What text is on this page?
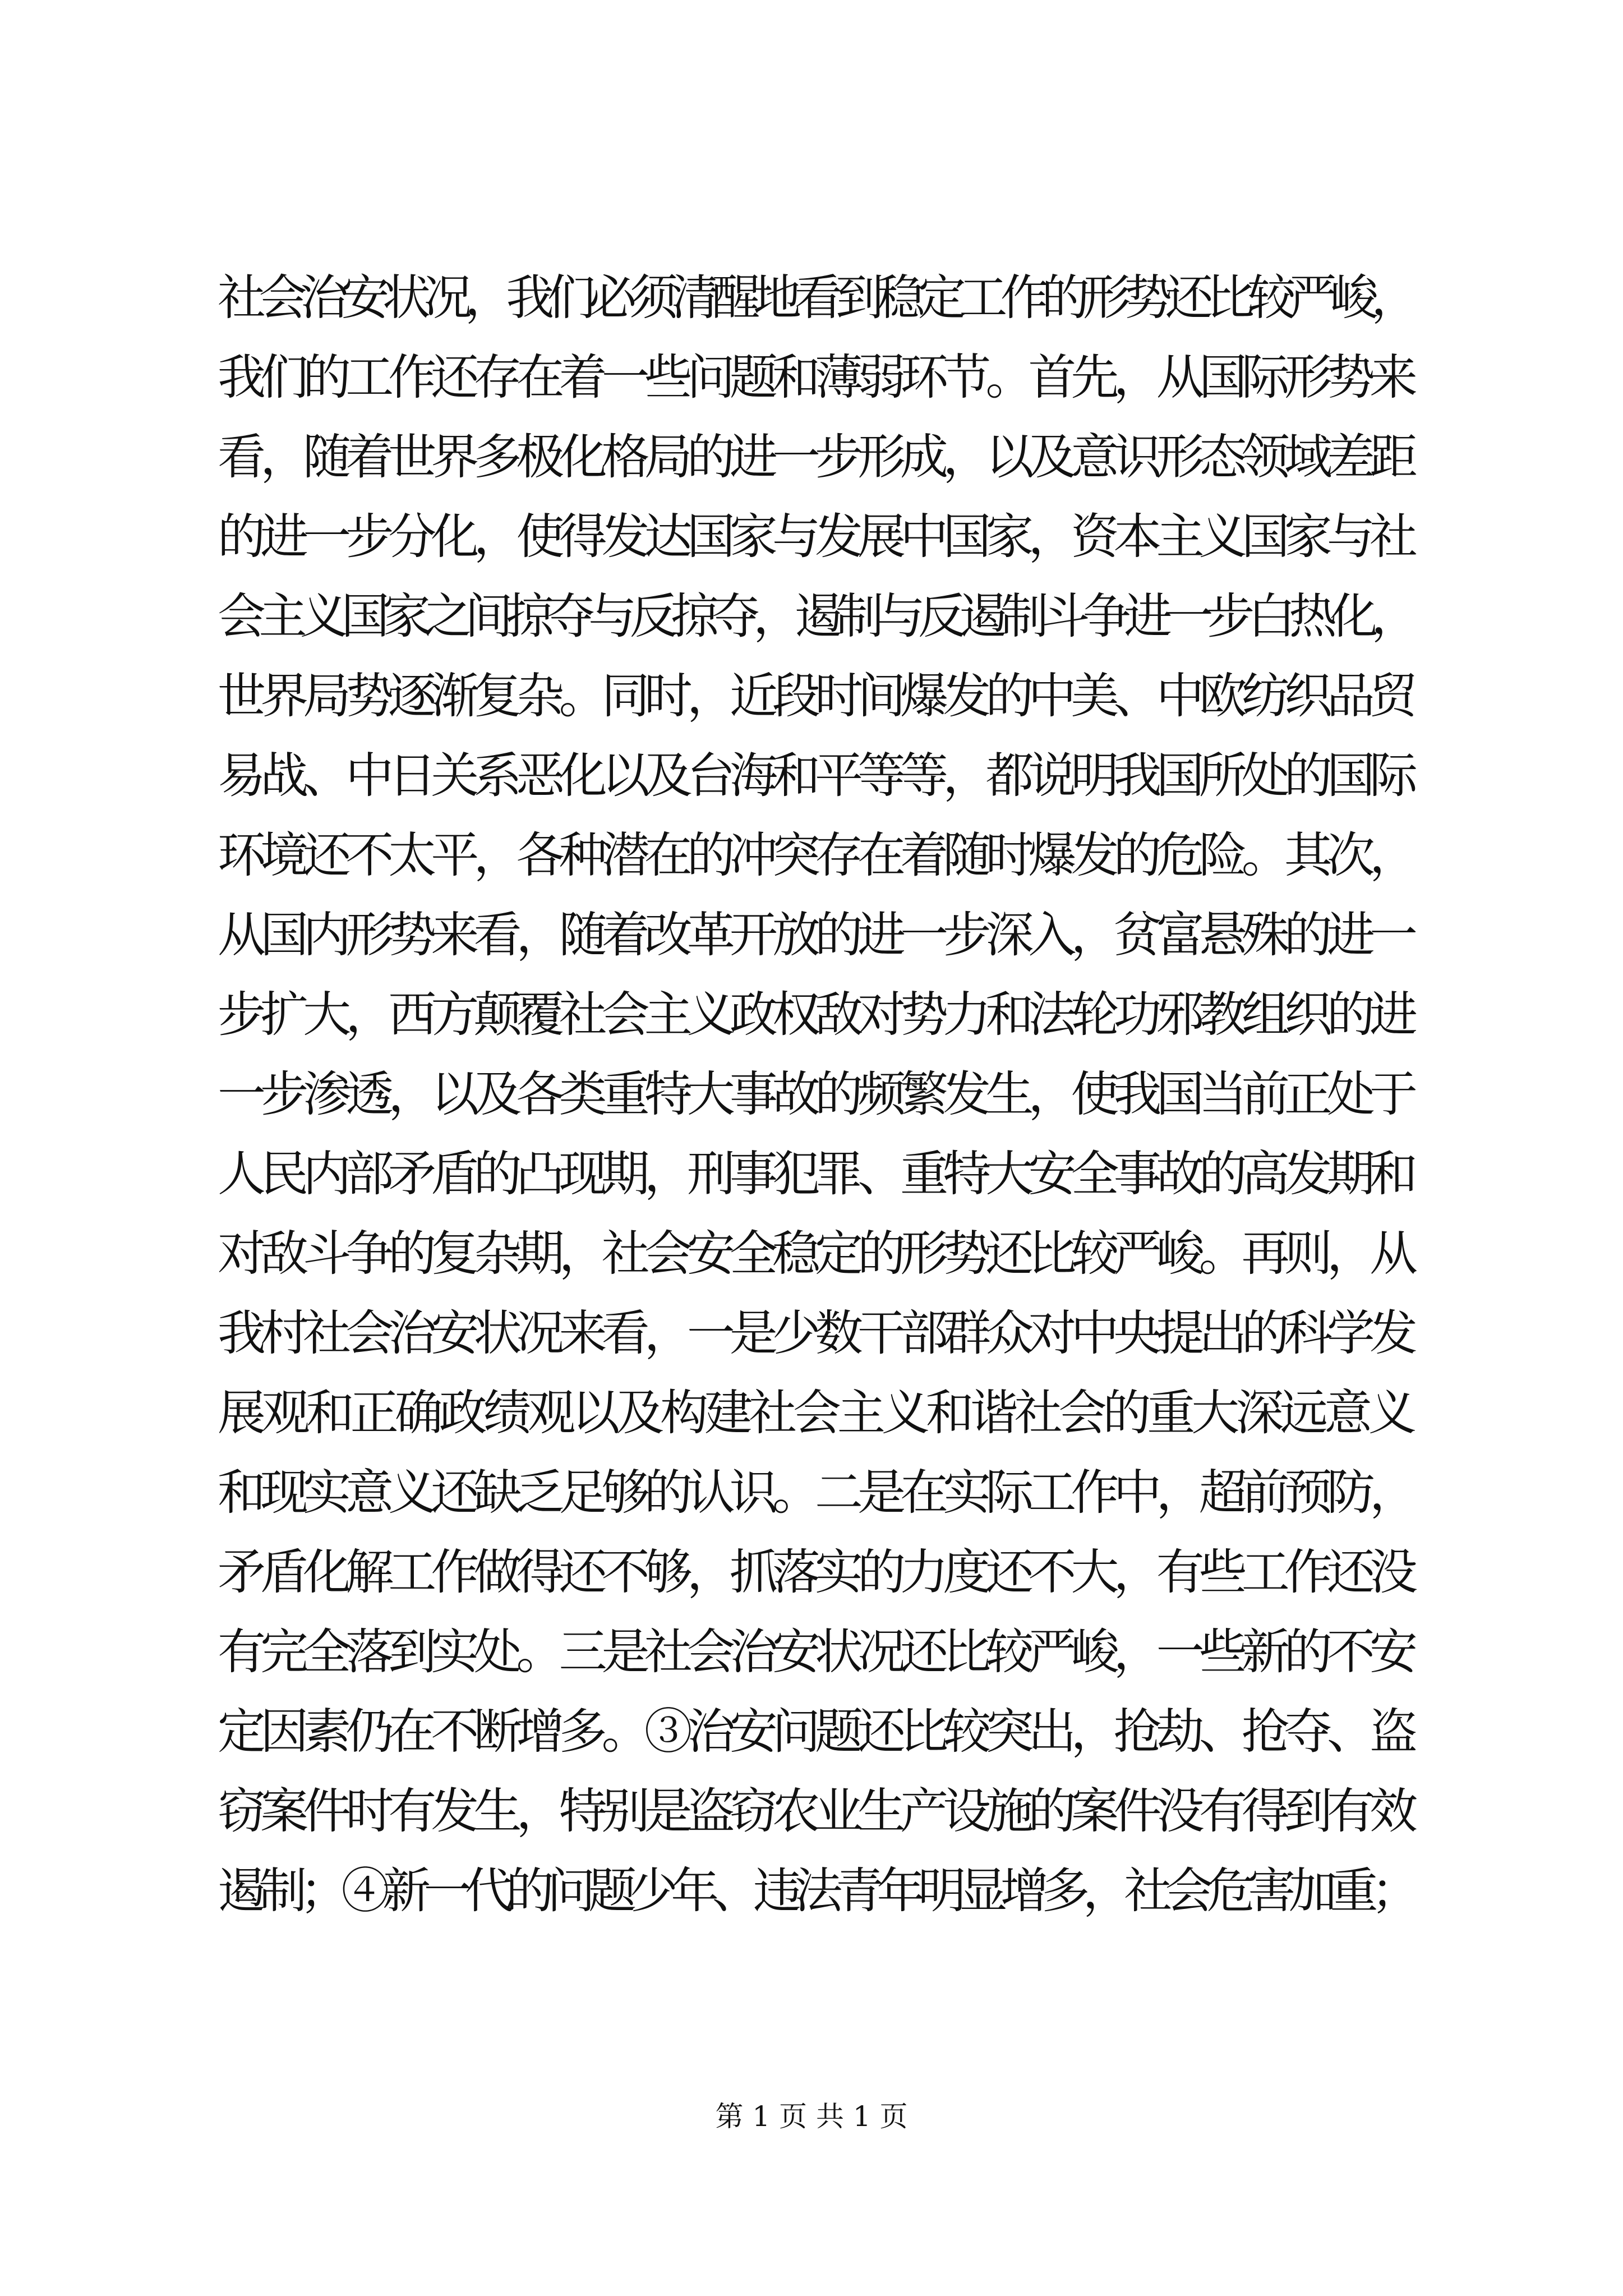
社会治安状况，我们必须清醒地看到稳定工作的形势还比较严峻，
我们的工作还存在着一些问题和薄弱环节。首先，从国际形势来
看，随着世界多极化格局的进一步形成，以及意识形态领域差距
的进一步分化，使得发达国家与发展中国家，资本主义国家与社
会主义国家之间掠夺与反掠夺，遏制与反遏制斗争进一步白热化，
世界局势逐渐复杂。同时，近段时间爆发的中美、中欧纺织品贸
易战、中日关系恶化以及台海和平等等，都说明我国所处的国际
环境还不太平，各种潜在的冲突存在着随时爆发的危险。其次，
从国内形势来看，随着改革开放的进一步深入，贫富悬殊的进一
步扩大，西方颠覆社会主义政权敌对势力和法轮功邪教组织的进
一步渗透，以及各类重特大事故的频繁发生，使我国当前正处于
人民内部矛盾的凸现期，刑事犯罪、重特大安全事故的高发期和
对敌斗争的复杂期，社会安全稳定的形势还比较严峻。再则，从
我村社会治安状况来看，一是少数干部群众对中央提出的科学发
展观和正确政绩观以及构建社会主义和谐社会的重大深远意义
和现实意义还缺乏足够的认识。二是在实际工作中，超前预防，
矛盾化解工作做得还不够，抓落实的力度还不大，有些工作还没
有完全落到实处。三是社会治安状况还比较严峻，一些新的不安
定因素仍在不断增多。③治安问题还比较突出，抢劫、抢夺、盗
窃案件时有发生，特别是盗窃农业生产设施的案件没有得到有效
遏制；④新一代的问题少年、违法青年明显增多，社会危害加重；
第 1 页 共 1 页
